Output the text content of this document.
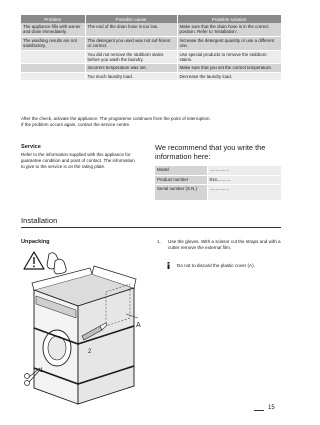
Problem	Possible cause	Possible solution
The appliance fills with wa-ter and drain immediately.	The end of the drain hose is too low.	Make sure that the drain hose is in the correct position. Refer to 'Installation'.
The washing results are not satisfactory.	The detergent you used was not suf-ficient or correct.	Increase the detergent quantity or use a different one.
	You did not remove the stubborn stains before you wash the laundry.	Use special products to remove the stubborn stains.
	Incorrect temperature was set.	Make sure that you set the correct temperature.
	Too much laundry load.	Decrease the laundry load.
After the check, activate the appliance. The programme continues from the point of interruption.
If the problem occurs again, contact the service centre.
Service
Refer to the information supplied with this appliance for guarantee condition and point of contact. The information to give to the service is on the rating plate.
We recommend that you write the information here:
Model	................
Product number	914...........
Serial number (S.N.)	................
Installation
Unpacking
A
1
2
1.	Use the gloves. With a scissor cut the straps and with a cutter remove the external film.
Do not to discard the plastic cover (A).
15
